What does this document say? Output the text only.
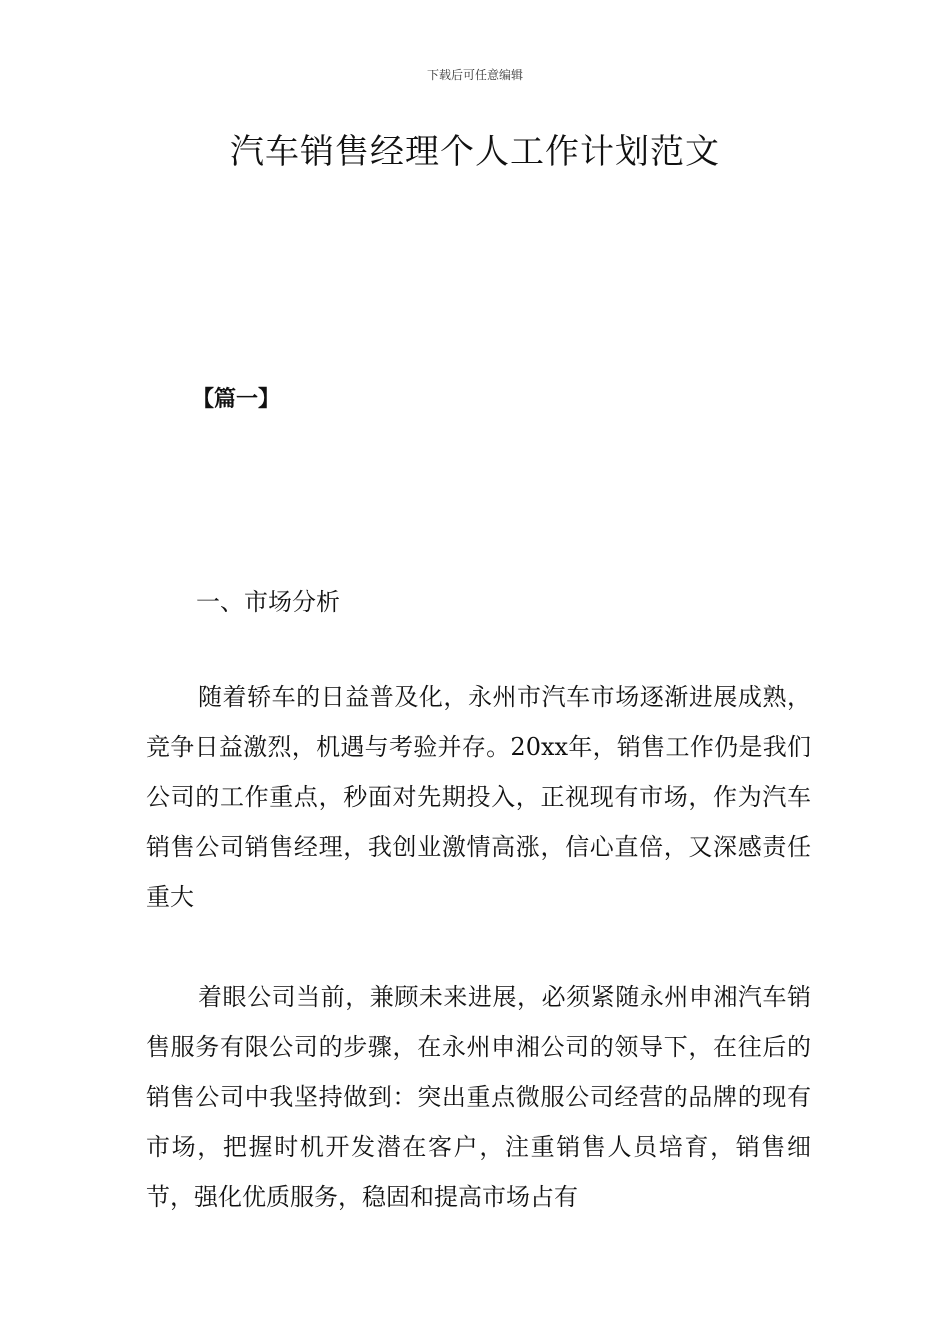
下载后可任意编辑
汽车销售经理个人工作计划范文
【篇一】
一、市场分析

随着轿车的日益普及化，永州市汽车市场逐渐进展成熟，竞争日益激烈，机遇与考验并存。20xx年，销售工作仍是我们公司的工作重点，秒面对先期投入，正视现有市场，作为汽车销售公司销售经理，我创业激情高涨，信心直倍，又深感责任重大

着眼公司当前，兼顾未来进展，必须紧随永州申湘汽车销售服务有限公司的步骤，在永州申湘公司的领导下，在往后的销售公司中我坚持做到：突出重点微服公司经营的品牌的现有市场，把握时机开发潜在客户，注重销售人员培育，销售细节，强化优质服务，稳固和提高市场占有
